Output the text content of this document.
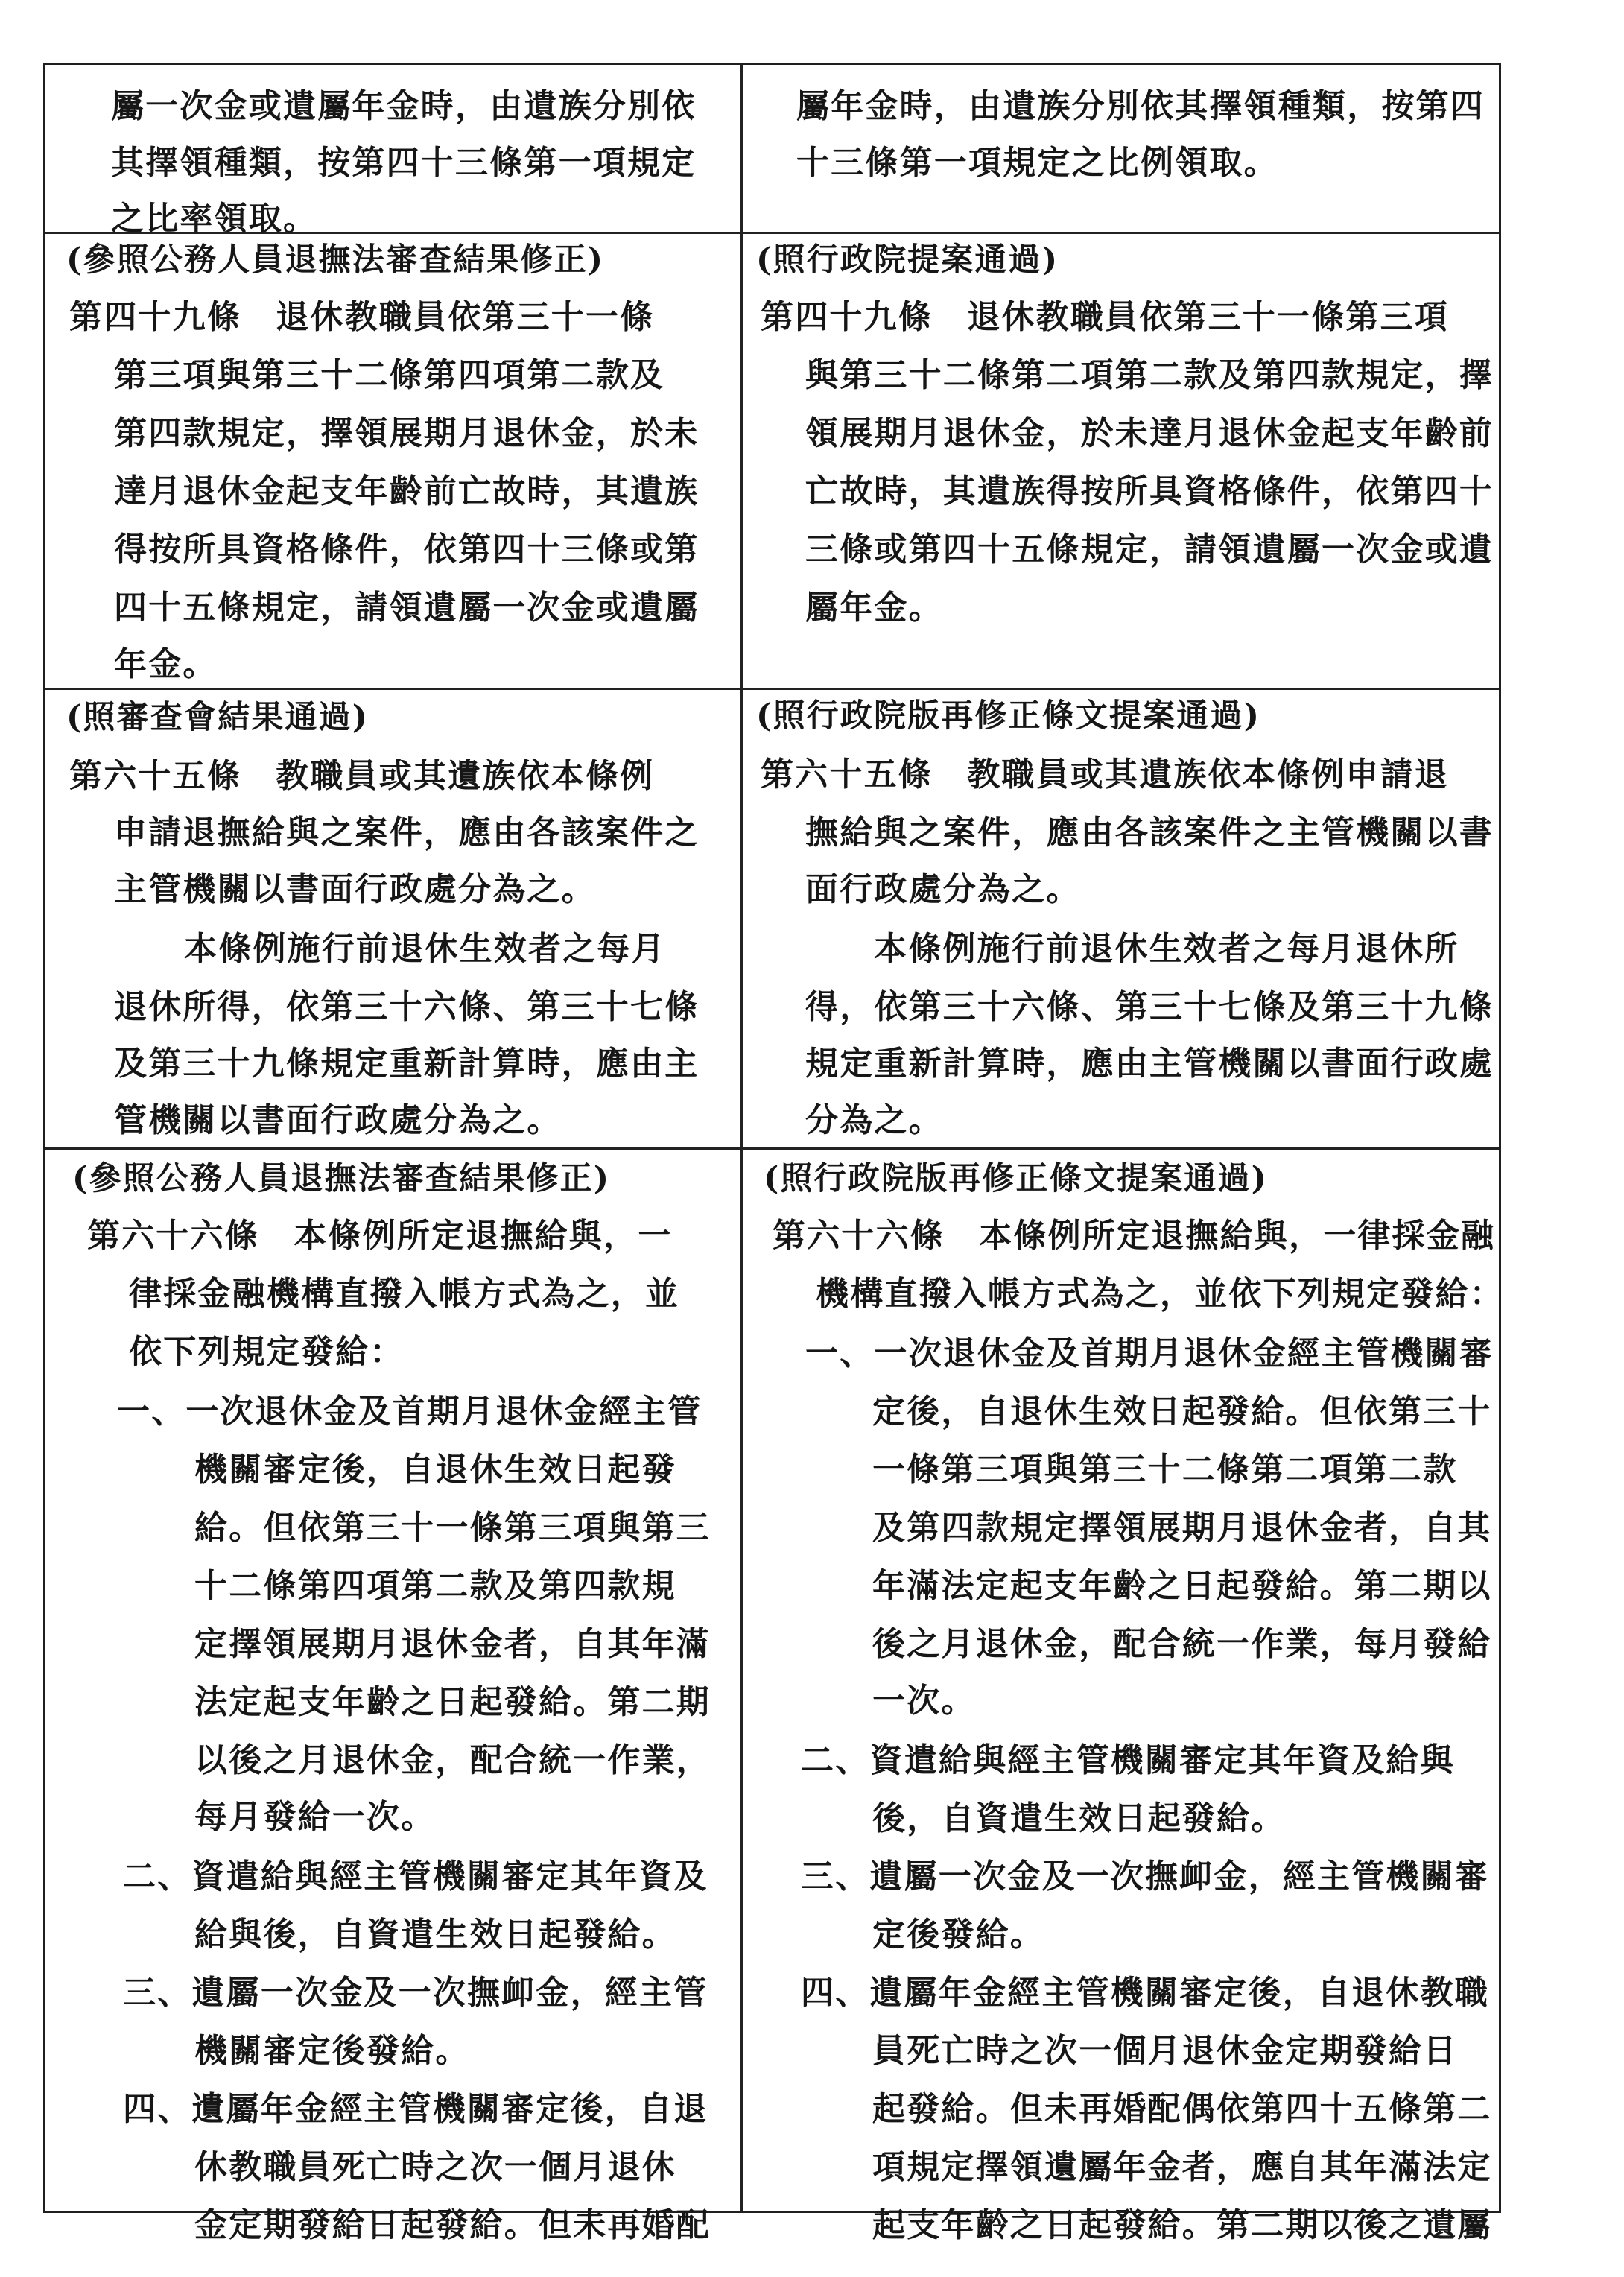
屬一次金或遺屬年金時，由遺族分別依

其擇領種類，按第四十三條第一項規定

之比率領取。

屬年金時，由遺族分別依其擇領種類，按第四

十三條第一項規定之比例領取。

(參照公務人員退撫法審查結果修正)

第四十九條　退休教職員依第三十一條

第三項與第三十二條第四項第二款及

第四款規定，擇領展期月退休金，於未

達月退休金起支年齡前亡故時，其遺族

得按所具資格條件，依第四十三條或第

四十五條規定，請領遺屬一次金或遺屬

年金。

(照行政院提案通過)

第四十九條　退休教職員依第三十一條第三項

與第三十二條第二項第二款及第四款規定，擇

領展期月退休金，於未達月退休金起支年齡前

亡故時，其遺族得按所具資格條件，依第四十

三條或第四十五條規定，請領遺屬一次金或遺

屬年金。

(照審查會結果通過)

第六十五條　教職員或其遺族依本條例

申請退撫給與之案件，應由各該案件之

主管機關以書面行政處分為之。

本條例施行前退休生效者之每月

退休所得，依第三十六條、第三十七條

及第三十九條規定重新計算時，應由主

管機關以書面行政處分為之。

(照行政院版再修正條文提案通過)

第六十五條　教職員或其遺族依本條例申請退

撫給與之案件，應由各該案件之主管機關以書

面行政處分為之。

本條例施行前退休生效者之每月退休所

得，依第三十六條、第三十七條及第三十九條

規定重新計算時，應由主管機關以書面行政處

分為之。

(參照公務人員退撫法審查結果修正)

第六十六條　本條例所定退撫給與，一

律採金融機構直撥入帳方式為之，並

依下列規定發給：

一、一次退休金及首期月退休金經主管

機關審定後，自退休生效日起發

給。但依第三十一條第三項與第三

十二條第四項第二款及第四款規

定擇領展期月退休金者，自其年滿

法定起支年齡之日起發給。第二期

以後之月退休金，配合統一作業，

每月發給一次。

二、資遣給與經主管機關審定其年資及

給與後，自資遣生效日起發給。

三、遺屬一次金及一次撫卹金，經主管

機關審定後發給。

四、遺屬年金經主管機關審定後，自退

休教職員死亡時之次一個月退休

金定期發給日起發給。但未再婚配

(照行政院版再修正條文提案通過)

第六十六條　本條例所定退撫給與，一律採金融

機構直撥入帳方式為之，並依下列規定發給：

一、一次退休金及首期月退休金經主管機關審

定後，自退休生效日起發給。但依第三十

一條第三項與第三十二條第二項第二款

及第四款規定擇領展期月退休金者，自其

年滿法定起支年齡之日起發給。第二期以

後之月退休金，配合統一作業，每月發給

一次。

二、資遣給與經主管機關審定其年資及給與

後，自資遣生效日起發給。

三、遺屬一次金及一次撫卹金，經主管機關審

定後發給。

四、遺屬年金經主管機關審定後，自退休教職

員死亡時之次一個月退休金定期發給日

起發給。但未再婚配偶依第四十五條第二

項規定擇領遺屬年金者，應自其年滿法定

起支年齡之日起發給。第二期以後之遺屬
